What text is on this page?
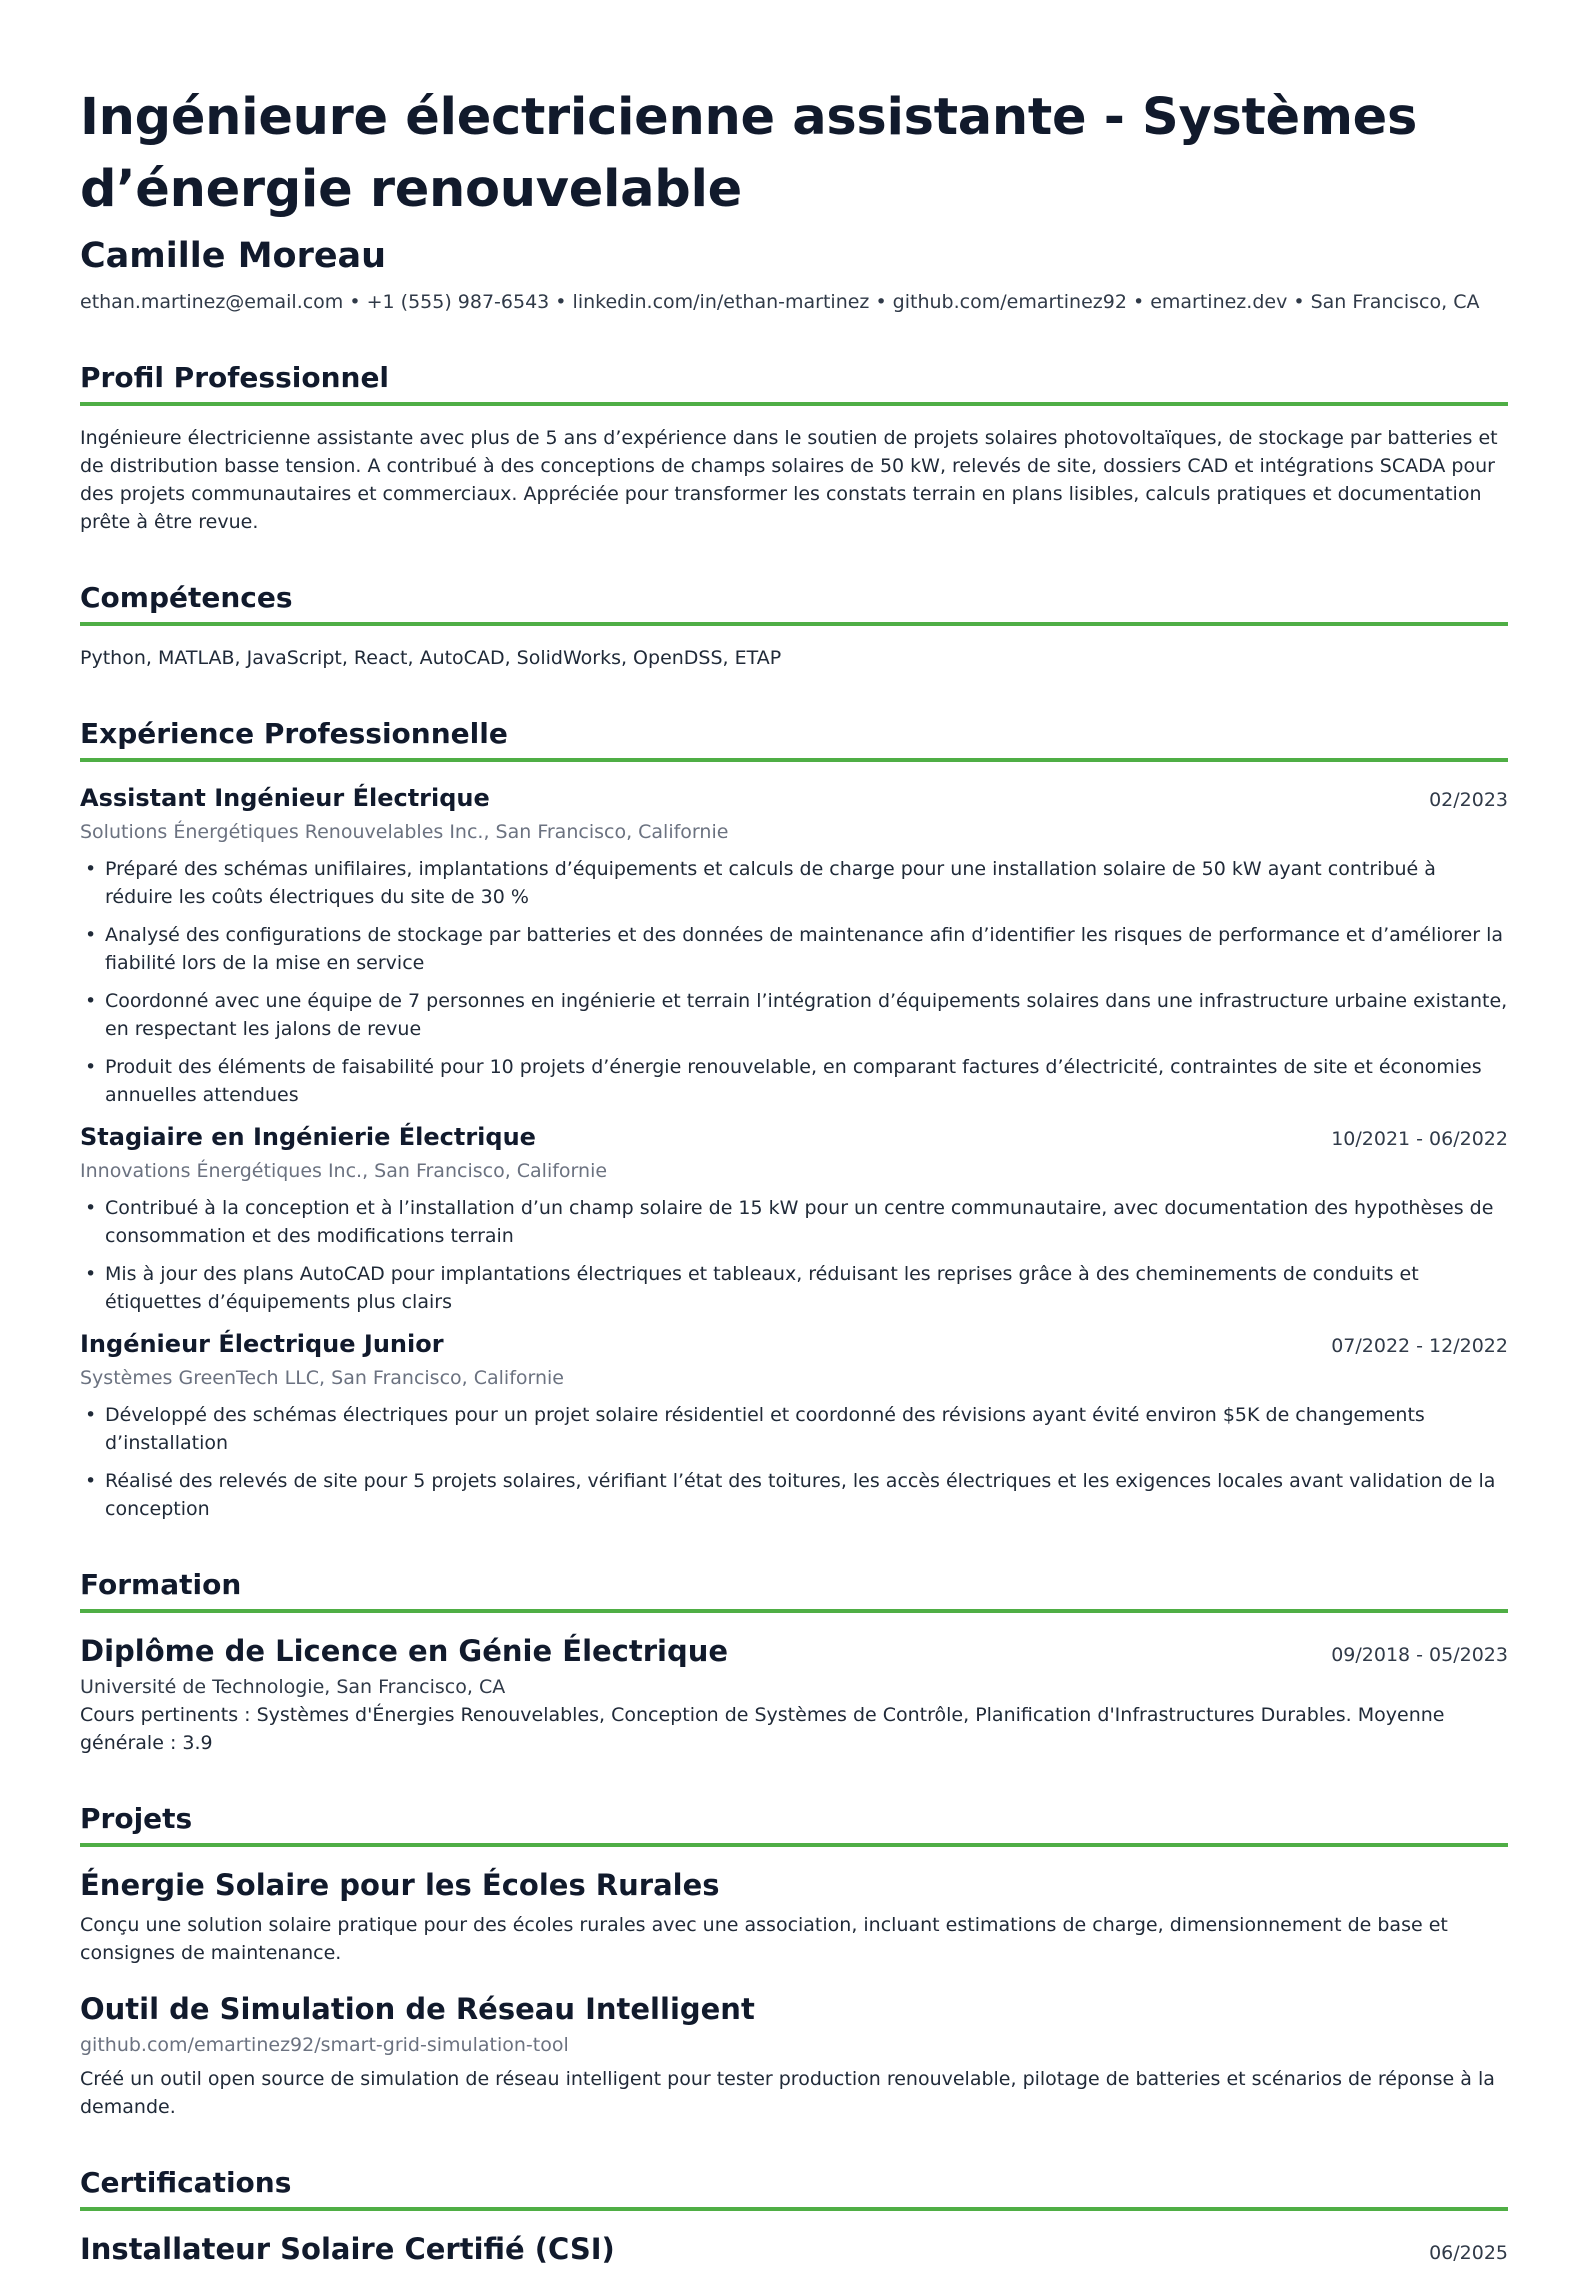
Ingénieure électricienne assistante - Systèmes d’énergie renouvelable
Camille Moreau
ethan.martinez@email.com • +1 (555) 987-6543 • linkedin.com/in/ethan-martinez • github.com/emartinez92 • emartinez.dev • San Francisco, CA
Profil Professionnel

Ingénieure électricienne assistante avec plus de 5 ans d’expérience dans le soutien de projets solaires photovoltaïques, de stockage par batteries et de distribution basse tension. A contribué à des conceptions de champs solaires de 50 kW, relevés de site, dossiers CAD et intégrations SCADA pour des projets communautaires et commerciaux. Appréciée pour transformer les constats terrain en plans lisibles, calculs pratiques et documentation prête à être revue.

Compétences

Python, MATLAB, JavaScript, React, AutoCAD, SolidWorks, OpenDSS, ETAP

Expérience Professionnelle
Assistant Ingénieur Électrique	02/2023
Solutions Énergétiques Renouvelables Inc., San Francisco, Californie
• Préparé des schémas unifilaires, implantations d’équipements et calculs de charge pour une installation solaire de 50 kW ayant contribué à réduire les coûts électriques du site de 30 %
• Analysé des configurations de stockage par batteries et des données de maintenance afin d’identifier les risques de performance et d’améliorer la fiabilité lors de la mise en service
• Coordonné avec une équipe de 7 personnes en ingénierie et terrain l’intégration d’équipements solaires dans une infrastructure urbaine existante, en respectant les jalons de revue
• Produit des éléments de faisabilité pour 10 projets d’énergie renouvelable, en comparant factures d’électricité, contraintes de site et économies annuelles attendues
Stagiaire en Ingénierie Électrique	10/2021 - 06/2022
Innovations Énergétiques Inc., San Francisco, Californie
• Contribué à la conception et à l’installation d’un champ solaire de 15 kW pour un centre communautaire, avec documentation des hypothèses de consommation et des modifications terrain
• Mis à jour des plans AutoCAD pour implantations électriques et tableaux, réduisant les reprises grâce à des cheminements de conduits et étiquettes d’équipements plus clairs
Ingénieur Électrique Junior	07/2022 - 12/2022
Systèmes GreenTech LLC, San Francisco, Californie
• Développé des schémas électriques pour un projet solaire résidentiel et coordonné des révisions ayant évité environ $5K de changements d’installation
• Réalisé des relevés de site pour 5 projets solaires, vérifiant l’état des toitures, les accès électriques et les exigences locales avant validation de la conception
Formation
Diplôme de Licence en Génie Électrique	09/2018 - 05/2023
Université de Technologie, San Francisco, CA

Cours pertinents : Systèmes d'Énergies Renouvelables, Conception de Systèmes de Contrôle, Planification d'Infrastructures Durables. Moyenne générale : 3.9

Projets
Énergie Solaire pour les Écoles Rurales

Conçu une solution solaire pratique pour des écoles rurales avec une association, incluant estimations de charge, dimensionnement de base et consignes de maintenance.

Outil de Simulation de Réseau Intelligent
github.com/emartinez92/smart-grid-simulation-tool

Créé un outil open source de simulation de réseau intelligent pour tester production renouvelable, pilotage de batteries et scénarios de réponse à la demande.

Certifications
Installateur Solaire Certifié (CSI)	06/2025
